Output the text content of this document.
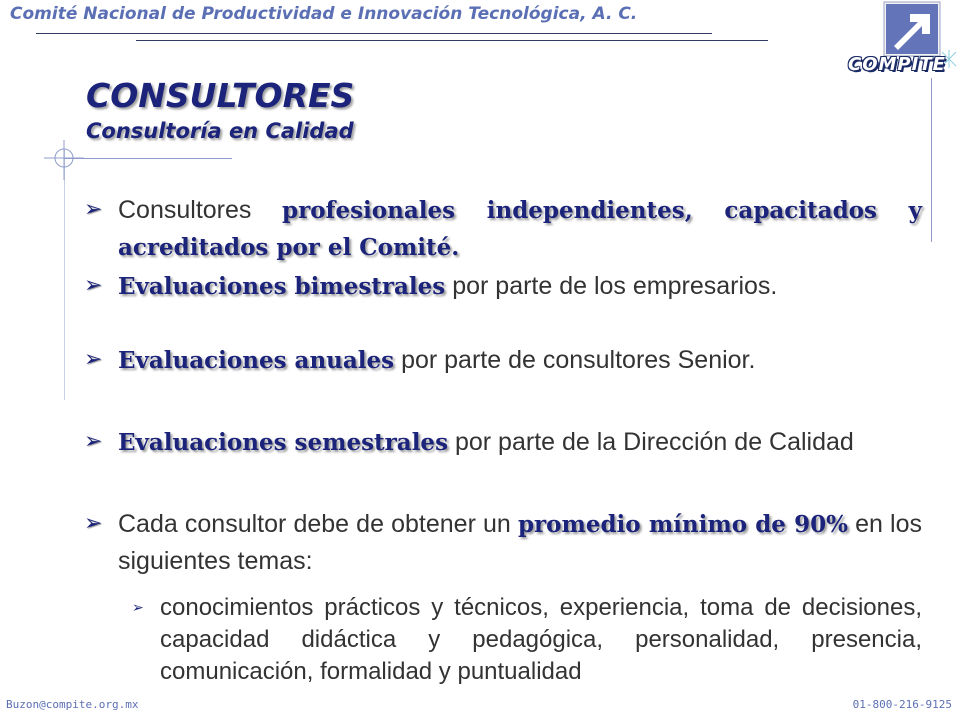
Comité Nacional de Productividad e Innovación Tecnológica, A. C.
COMPITE
CONSULTORES
Consultoría en Calidad
➢ Consultores profesionales independientes, capacitados y acreditados por el Comité.
➢ Evaluaciones bimestrales por parte de los empresarios.
➢ Evaluaciones anuales por parte de consultores Senior.
➢ Evaluaciones semestrales por parte de la Dirección de Calidad
➢ Cada consultor debe de obtener un promedio mínimo de 90% en los siguientes temas:
➢ conocimientos prácticos y técnicos, experiencia, toma de decisiones, capacidad didáctica y pedagógica, personalidad, presencia, comunicación, formalidad y puntualidad
Buzon@compite.org.mx	01-800-216-9125
